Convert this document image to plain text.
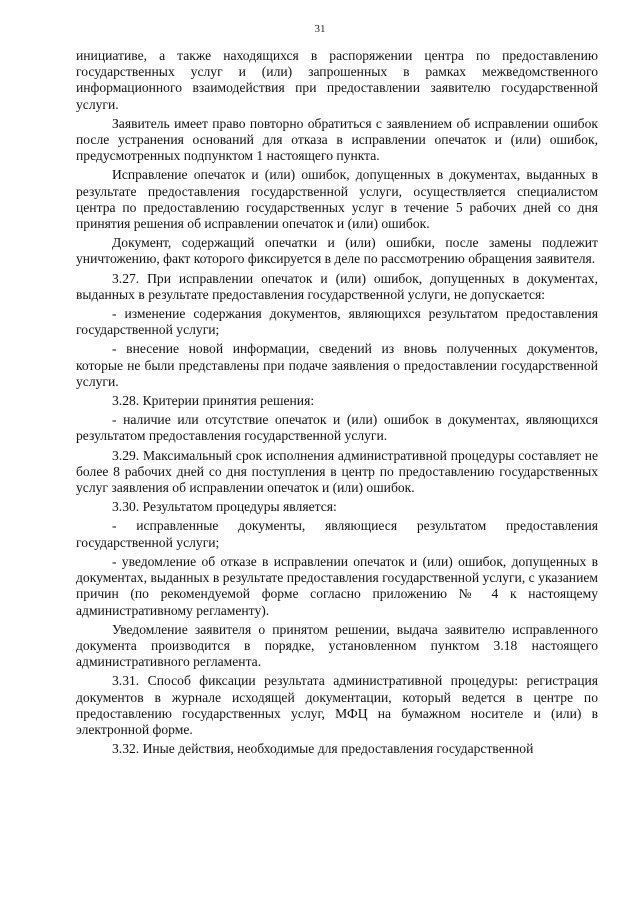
31

инициативе, а также находящихся в распоряжении центра по предоставлению государственных услуг и (или) запрошенных в рамках межведомственного информационного взаимодействия при предоставлении заявителю государственной услуги.

Заявитель имеет право повторно обратиться с заявлением об исправлении ошибок после устранения оснований для отказа в исправлении опечаток и (или) ошибок, предусмотренных подпунктом 1 настоящего пункта.

Исправление опечаток и (или) ошибок, допущенных в документах, выданных в результате предоставления государственной услуги, осуществляется специалистом центра по предоставлению государственных услуг в течение 5 рабочих дней со дня принятия решения об исправлении опечаток и (или) ошибок.

Документ, содержащий опечатки и (или) ошибки, после замены подлежит уничтожению, факт которого фиксируется в деле по рассмотрению обращения заявителя.

3.27. При исправлении опечаток и (или) ошибок, допущенных в документах, выданных в результате предоставления государственной услуги, не допускается:

- изменение содержания документов, являющихся результатом предоставления государственной услуги;

- внесение новой информации, сведений из вновь полученных документов, которые не были представлены при подаче заявления о предоставлении государственной услуги.

3.28. Критерии принятия решения:

- наличие или отсутствие опечаток и (или) ошибок в документах, являющихся результатом предоставления государственной услуги.

3.29. Максимальный срок исполнения административной процедуры составляет не более 8 рабочих дней со дня поступления в центр по предоставлению государственных услуг заявления об исправлении опечаток и (или) ошибок.

3.30. Результатом процедуры является:

- исправленные документы, являющиеся результатом предоставления государственной услуги;

- уведомление об отказе в исправлении опечаток и (или) ошибок, допущенных в документах, выданных в результате предоставления государственной услуги, с указанием причин (по рекомендуемой форме согласно приложению № 4 к настоящему административному регламенту).

Уведомление заявителя о принятом решении, выдача заявителю исправленного документа производится в порядке, установленном пунктом 3.18 настоящего административного регламента.

3.31. Способ фиксации результата административной процедуры: регистрация документов в журнале исходящей документации, который ведется в центре по предоставлению государственных услуг, МФЦ на бумажном носителе и (или) в электронной форме.

3.32. Иные действия, необходимые для предоставления государственной
